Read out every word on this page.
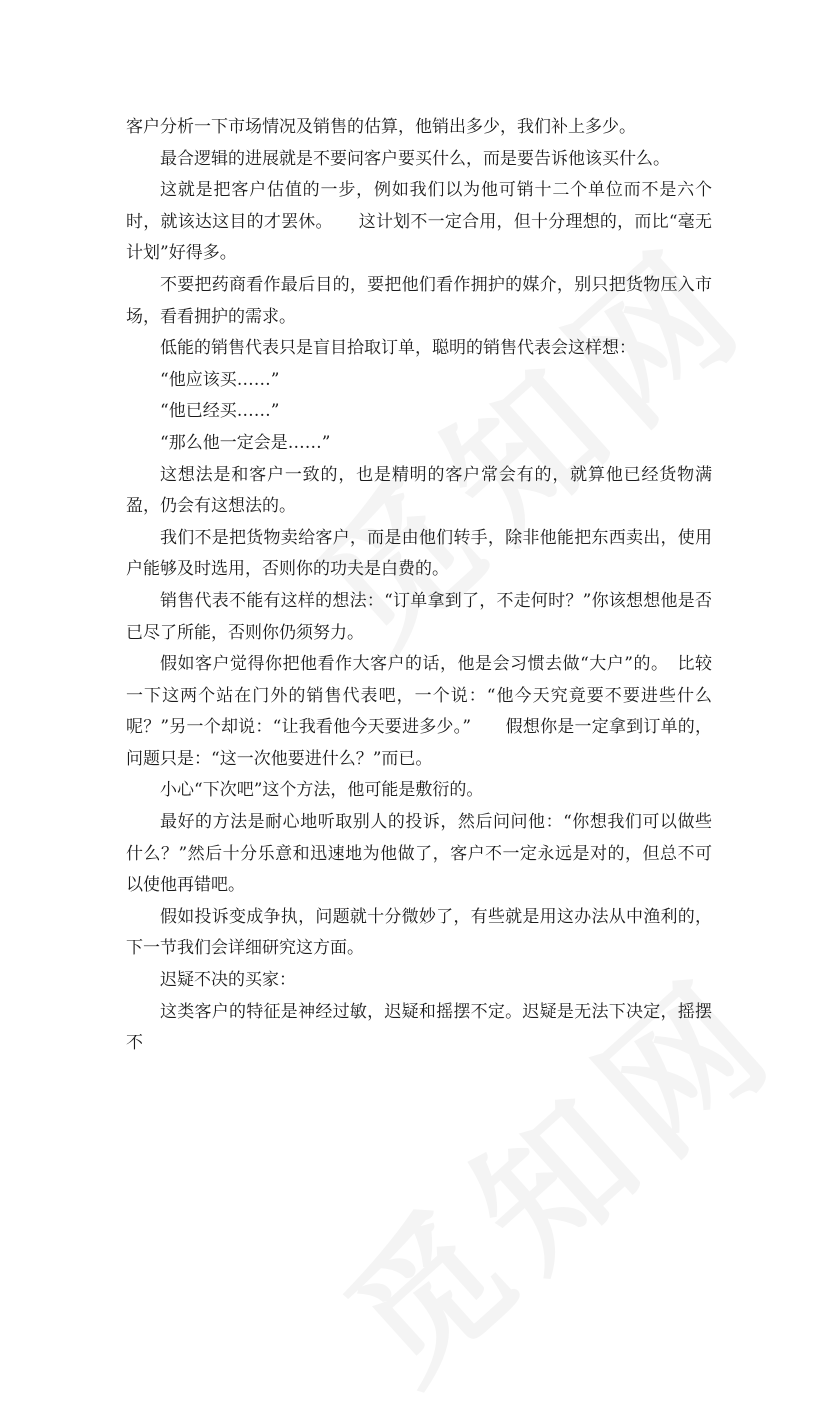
客户分析一下市场情况及销售的估算，他销出多少，我们补上多少。

最合逻辑的进展就是不要问客户要买什么，而是要告诉他该买什么。

这就是把客户估值的一步，例如我们以为他可销十二个单位而不是六个时，就该达这目的才罢休。　　这计划不一定合用，但十分理想的，而比“毫无计划”好得多。

不要把药商看作最后目的，要把他们看作拥护的媒介，别只把货物压入市场，看看拥护的需求。

低能的销售代表只是盲目拾取订单，聪明的销售代表会这样想：

“他应该买……”

“他已经买……”

“那么他一定会是……”

这想法是和客户一致的，也是精明的客户常会有的，就算他已经货物满盈，仍会有这想法的。

我们不是把货物卖给客户，而是由他们转手，除非他能把东西卖出，使用户能够及时选用，否则你的功夫是白费的。

销售代表不能有这样的想法：“订单拿到了，不走何时？”你该想想他是否已尽了所能，否则你仍须努力。

假如客户觉得你把他看作大客户的话，他是会习惯去做“大户”的。　比较一下这两个站在门外的销售代表吧，一个说：“他今天究竟要不要进些什么呢？”另一个却说：“让我看他今天要进多少。”　　假想你是一定拿到订单的，问题只是：“这一次他要进什么？”而已。

小心“下次吧”这个方法，他可能是敷衍的。

最好的方法是耐心地听取别人的投诉，然后问问他：“你想我们可以做些什么？”然后十分乐意和迅速地为他做了，客户不一定永远是对的，但总不可以使他再错吧。

假如投诉变成争执，问题就十分微妙了，有些就是用这办法从中渔利的，下一节我们会详细研究这方面。

迟疑不决的买家：

这类客户的特征是神经过敏，迟疑和摇摆不定。迟疑是无法下决定，摇摆不
